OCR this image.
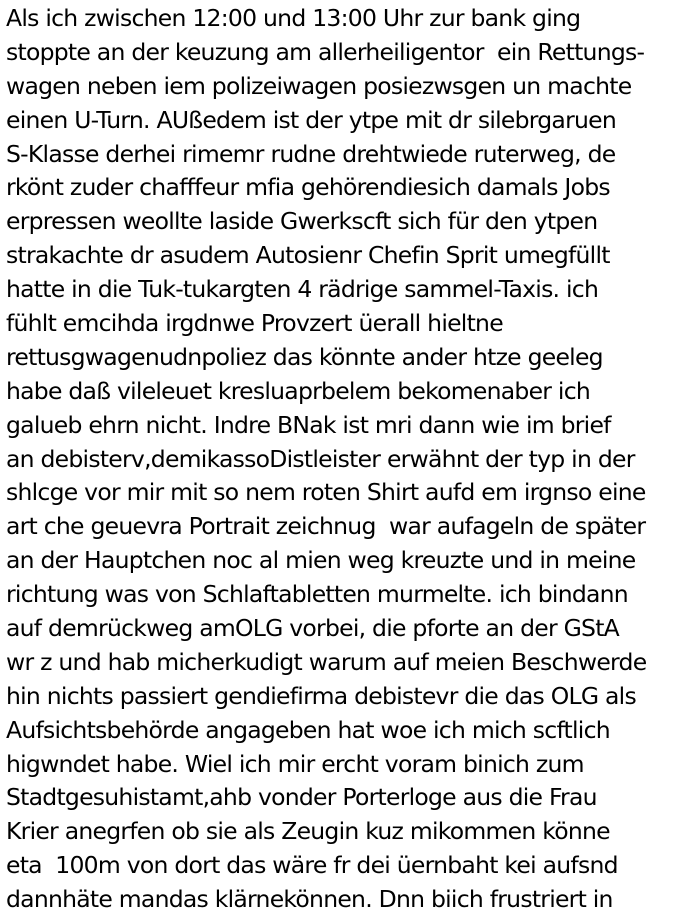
Als ich zwischen 12:00 und 13:00 Uhr zur bank ging
stoppte an der keuzung am allerheiligentor  ein Rettungs-
wagen neben iem polizeiwagen posiezwsgen un machte
einen U-Turn. AUßedem ist der ytpe mit dr silebrgaruen
S-Klasse derhei rimemr rudne drehtwiede ruterweg, de
rkönt zuder chafffeur mfia gehörendiesich damals Jobs
erpressen weollte laside Gwerkscft sich für den ytpen
strakachte dr asudem Autosienr Chefin Sprit umegfüllt
hatte in die Tuk-tukargten 4 rädrige sammel-Taxis. ich
fühlt emcihda irgdnwe Provzert üerall hieltne
rettusgwagenudnpoliez das könnte ander htze geeleg
habe daß vileleuet kresluaprbelem bekomenaber ich
galueb ehrn nicht. Indre BNak ist mri dann wie im brief
an debisterv,demikassoDistleister erwähnt der typ in der
shlcge vor mir mit so nem roten Shirt aufd em irgnso eine
art che geuevra Portrait zeichnug  war aufageln de später
an der Hauptchen noc al mien weg kreuzte und in meine
richtung was von Schlaftabletten murmelte. ich bindann
auf demrückweg amOLG vorbei, die pforte an der GStA
wr z und hab micherkudigt warum auf meien Beschwerde
hin nichts passiert gendiefirma debistevr die das OLG als
Aufsichtsbehörde angageben hat woe ich mich scftlich
higwndet habe. Wiel ich mir ercht voram binich zum
Stadtgesuhistamt,ahb vonder Porterloge aus die Frau
Krier anegrfen ob sie als Zeugin kuz mikommen könne
eta  100m von dort das wäre fr dei üernbaht kei aufsnd
dannhäte mandas klärnekönnen. Dnn biich frustriert in
